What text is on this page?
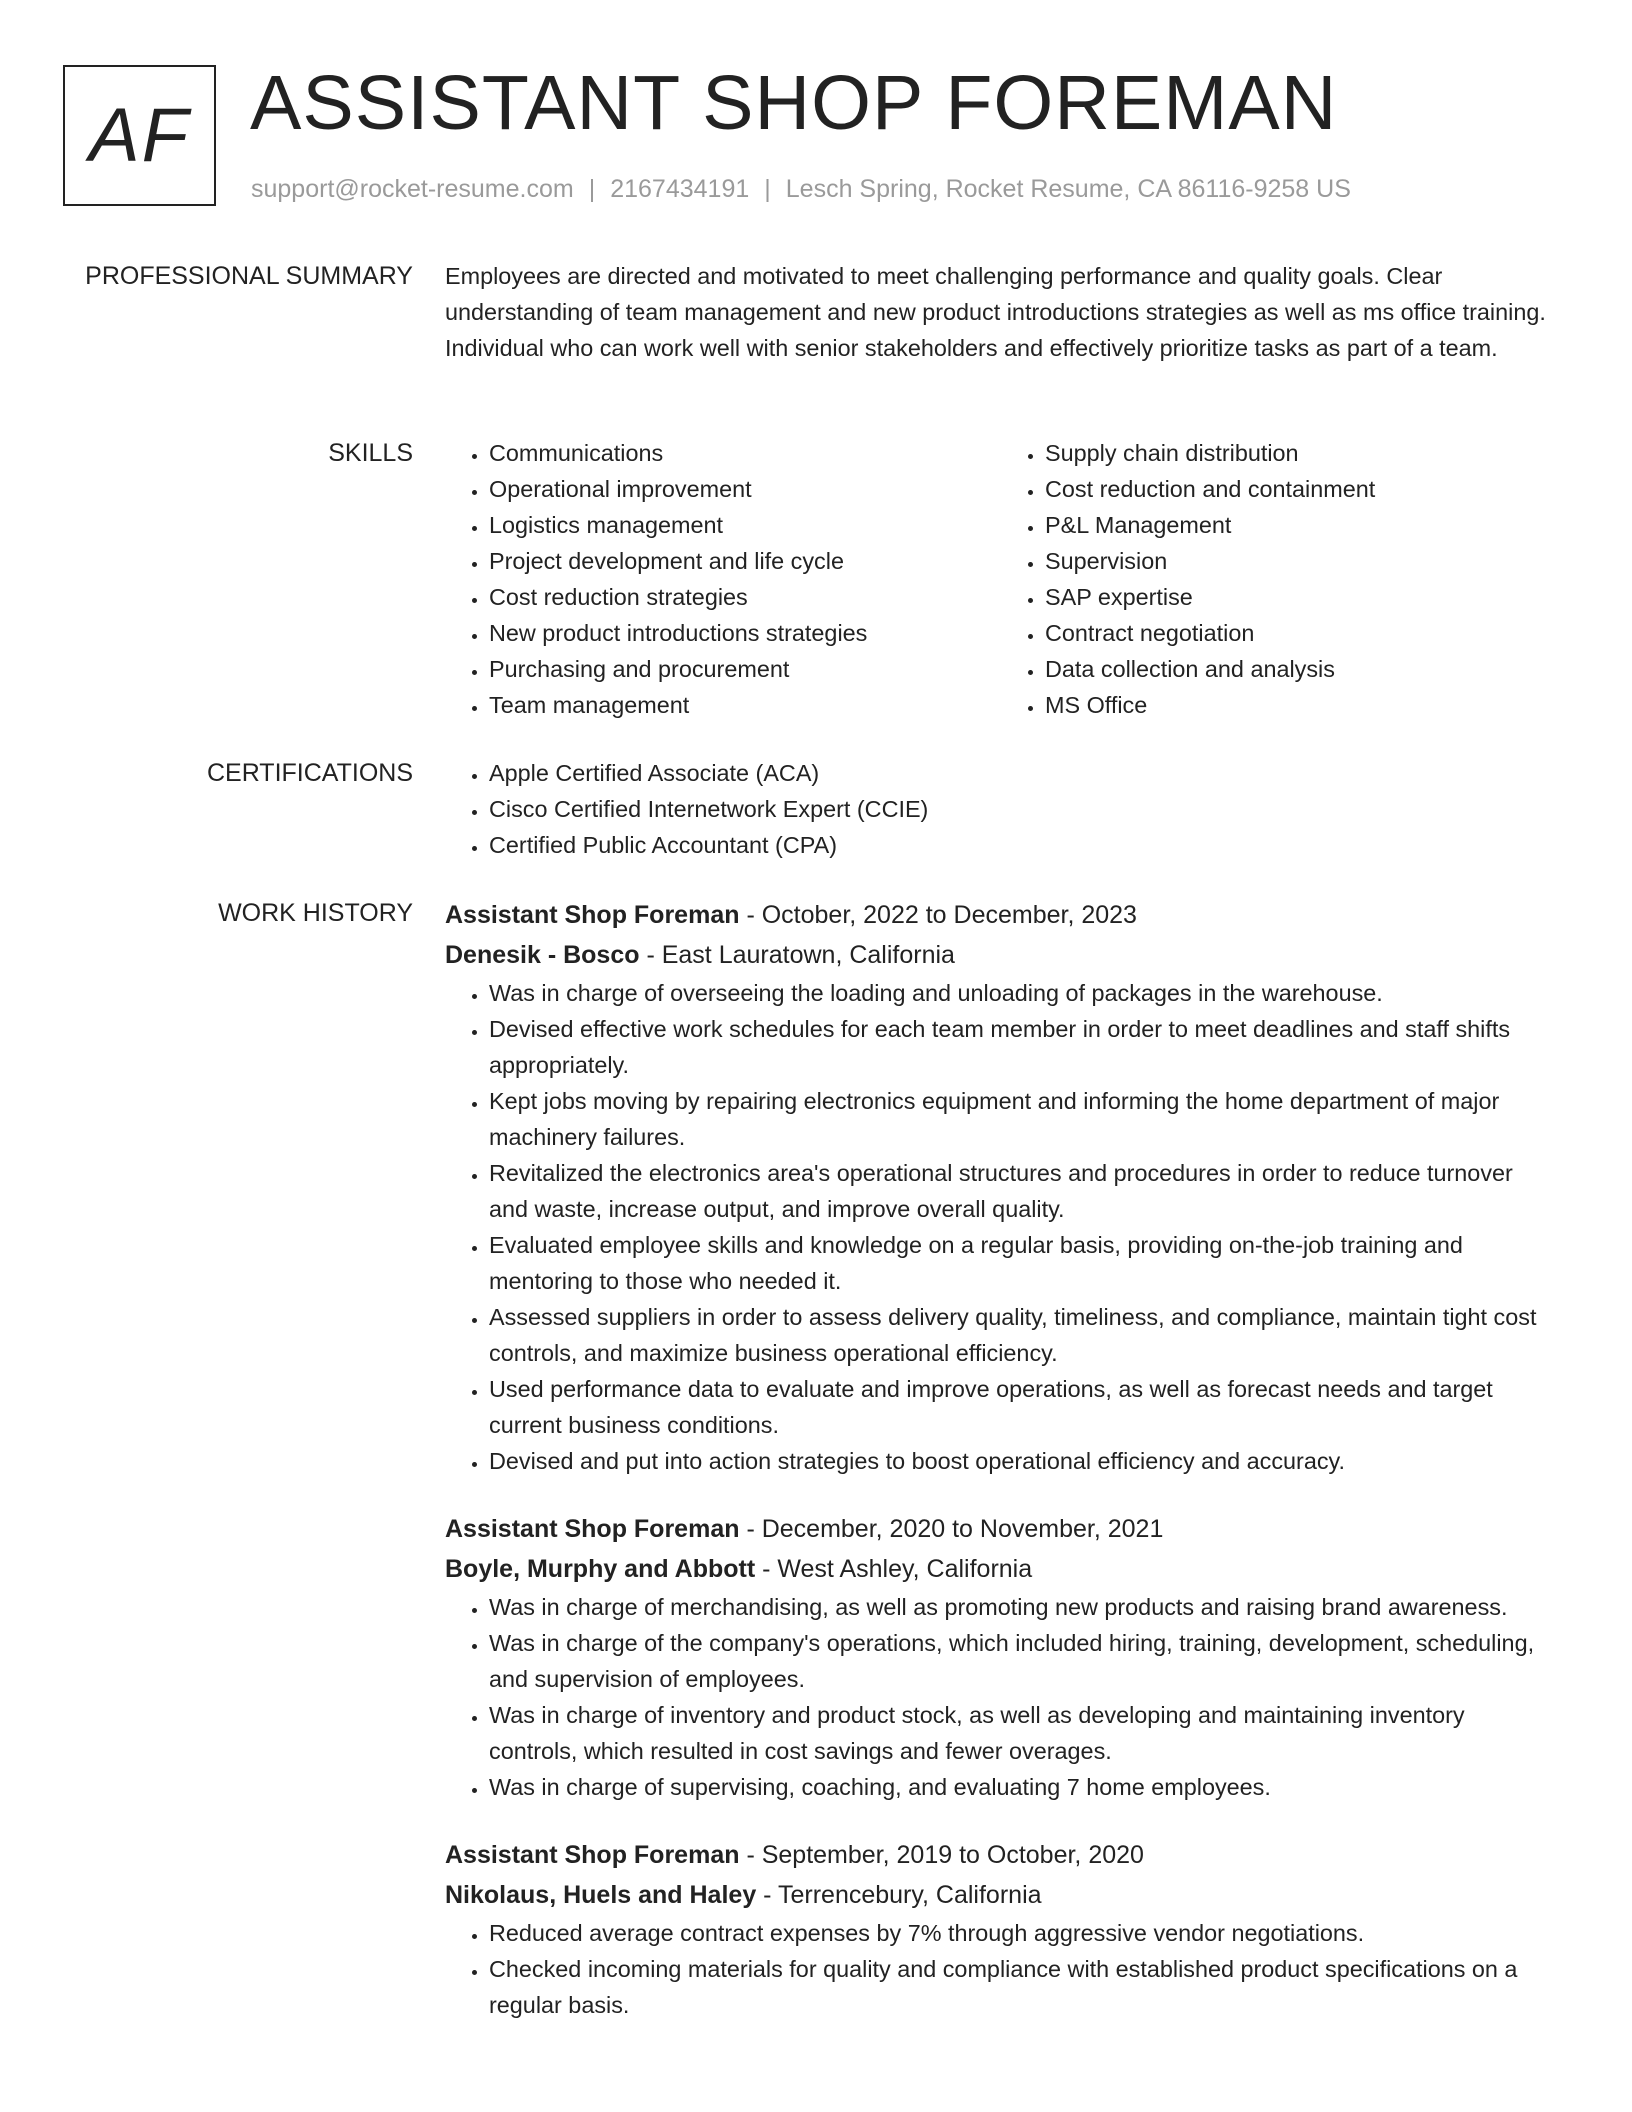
AF ASSISTANT SHOP FOREMAN
support@rocket-resume.com | 2167434191 | Lesch Spring, Rocket Resume, CA 86116-9258 US
PROFESSIONAL SUMMARY Employees are directed and motivated to meet challenging performance and quality goals. Clear understanding of team management and new product introductions strategies as well as ms office training. Individual who can work well with senior stakeholders and effectively prioritize tasks as part of a team.

SKILLS	• Communications
• Operational improvement
• Logistics management
• Project development and life cycle
• Cost reduction strategies
• New product introductions strategies
• Purchasing and procurement
• Team management
• Supply chain distribution
• Cost reduction and containment
• P&L Management
• Supervision
• SAP expertise
• Contract negotiation
• Data collection and analysis
• MS Office
CERTIFICATIONS	• Apple Certified Associate (ACA)
• Cisco Certified Internetwork Expert (CCIE)
• Certified Public Accountant (CPA)
WORK HISTORY Assistant Shop Foreman - October, 2022 to December, 2023
Denesik - Bosco - East Lauratown, California
• Was in charge of overseeing the loading and unloading of packages in the warehouse.
• Devised effective work schedules for each team member in order to meet deadlines and staff shifts appropriately.
• Kept jobs moving by repairing electronics equipment and informing the home department of major machinery failures.
• Revitalized the electronics area's operational structures and procedures in order to reduce turnover and waste, increase output, and improve overall quality.
• Evaluated employee skills and knowledge on a regular basis, providing on-the-job training and mentoring to those who needed it.
• Assessed suppliers in order to assess delivery quality, timeliness, and compliance, maintain tight cost controls, and maximize business operational efficiency.
• Used performance data to evaluate and improve operations, as well as forecast needs and target current business conditions.
• Devised and put into action strategies to boost operational efficiency and accuracy.
Assistant Shop Foreman - December, 2020 to November, 2021
Boyle, Murphy and Abbott - West Ashley, California
• Was in charge of merchandising, as well as promoting new products and raising brand awareness.
• Was in charge of the company's operations, which included hiring, training, development, scheduling, and supervision of employees.
• Was in charge of inventory and product stock, as well as developing and maintaining inventory controls, which resulted in cost savings and fewer overages.
• Was in charge of supervising, coaching, and evaluating 7 home employees.
Assistant Shop Foreman - September, 2019 to October, 2020
Nikolaus, Huels and Haley - Terrencebury, California
• Reduced average contract expenses by 7% through aggressive vendor negotiations.
• Checked incoming materials for quality and compliance with established product specifications on a regular basis.
